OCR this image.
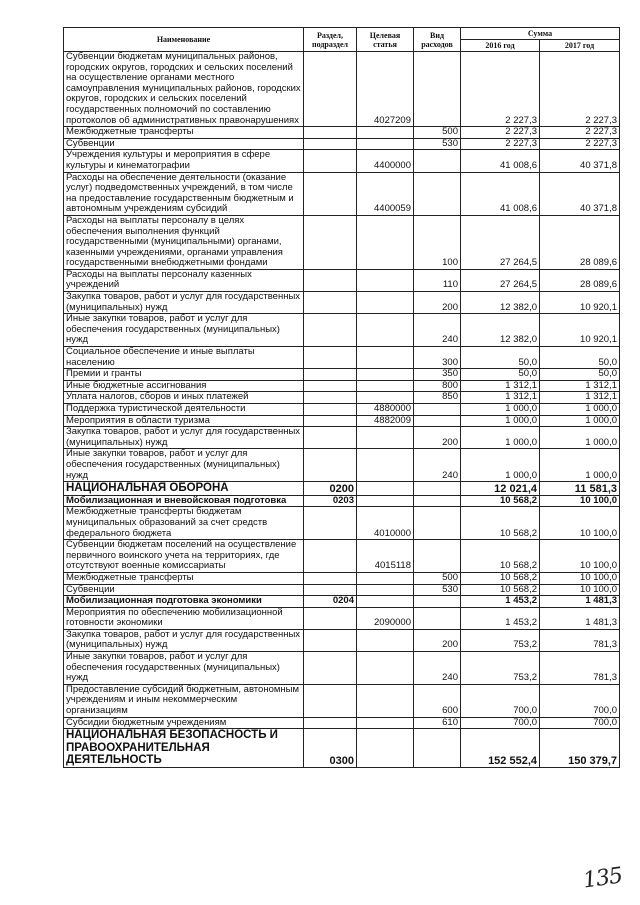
Наименование	Раздел, подраздел	Целевая статья	Вид расходов	Сумма	
				2016 год	2017 год
Субвенции бюджетам муниципальных районов, городских округов, городских и сельских поселений на осуществление органами местного самоуправления муниципальных районов, городских округов, городских и сельских поселений государственных полномочий по составлению протоколов об административных правонарушениях		4027209		2 227,3	2 227,3
Межбюджетные трансферты			500	2 227,3	2 227,3
Субвенции			530	2 227,3	2 227,3
Учреждения культуры и мероприятия в сфере культуры и кинематографии		4400000		41 008,6	40 371,8
Расходы на обеспечение деятельности (оказание услуг) подведомственных учреждений, в том числе на предоставление государственным бюджетным и автономным учреждениям субсидий		4400059		41 008,6	40 371,8
Расходы на выплаты персоналу в целях обеспечения выполнения функций государственными (муниципальными) органами, казенными учреждениями, органами управления государственными внебюджетными фондами			100	27 264,5	28 089,6
Расходы на выплаты персоналу казенных учреждений			110	27 264,5	28 089,6
Закупка товаров, работ и услуг для государственных (муниципальных) нужд			200	12 382,0	10 920,1
Иные закупки товаров, работ и услуг для обеспечения государственных (муниципальных) нужд			240	12 382,0	10 920,1
Социальное обеспечение и иные выплаты населению			300	50,0	50,0
Премии и гранты			350	50,0	50,0
Иные бюджетные ассигнования			800	1 312,1	1 312,1
Уплата налогов, сборов и иных платежей			850	1 312,1	1 312,1
Поддержка туристической деятельности		4880000		1 000,0	1 000,0
Мероприятия в области туризма		4882009		1 000,0	1 000,0
Закупка товаров, работ и услуг для государственных (муниципальных) нужд			200	1 000,0	1 000,0
Иные закупки товаров, работ и услуг для обеспечения государственных (муниципальных) нужд			240	1 000,0	1 000,0
НАЦИОНАЛЬНАЯ ОБОРОНА	0200			12 021,4	11 581,3
Мобилизационная и вневойсковая подготовка	0203			10 568,2	10 100,0
Межбюджетные трансферты бюджетам муниципальных образований за счет средств федерального бюджета		4010000		10 568,2	10 100,0
Субвенции бюджетам поселений на осуществление первичного воинского учета на территориях, где отсутствуют военные комиссариаты		4015118		10 568,2	10 100,0
Межбюджетные трансферты			500	10 568,2	10 100,0
Субвенции			530	10 568,2	10 100,0
Мобилизационная подготовка экономики	0204			1 453,2	1 481,3
Мероприятия по обеспечению мобилизационной готовности экономики		2090000		1 453,2	1 481,3
Закупка товаров, работ и услуг для государственных (муниципальных) нужд			200	753,2	781,3
Иные закупки товаров, работ и услуг для обеспечения государственных (муниципальных) нужд			240	753,2	781,3
Предоставление субсидий бюджетным, автономным учреждениям и иным некоммерческим организациям			600	700,0	700,0
Субсидии бюджетным учреждениям			610	700,0	700,0
НАЦИОНАЛЬНАЯ БЕЗОПАСНОСТЬ И ПРАВООХРАНИТЕЛЬНАЯ ДЕЯТЕЛЬНОСТЬ	0300			152 552,4	150 379,7
135
